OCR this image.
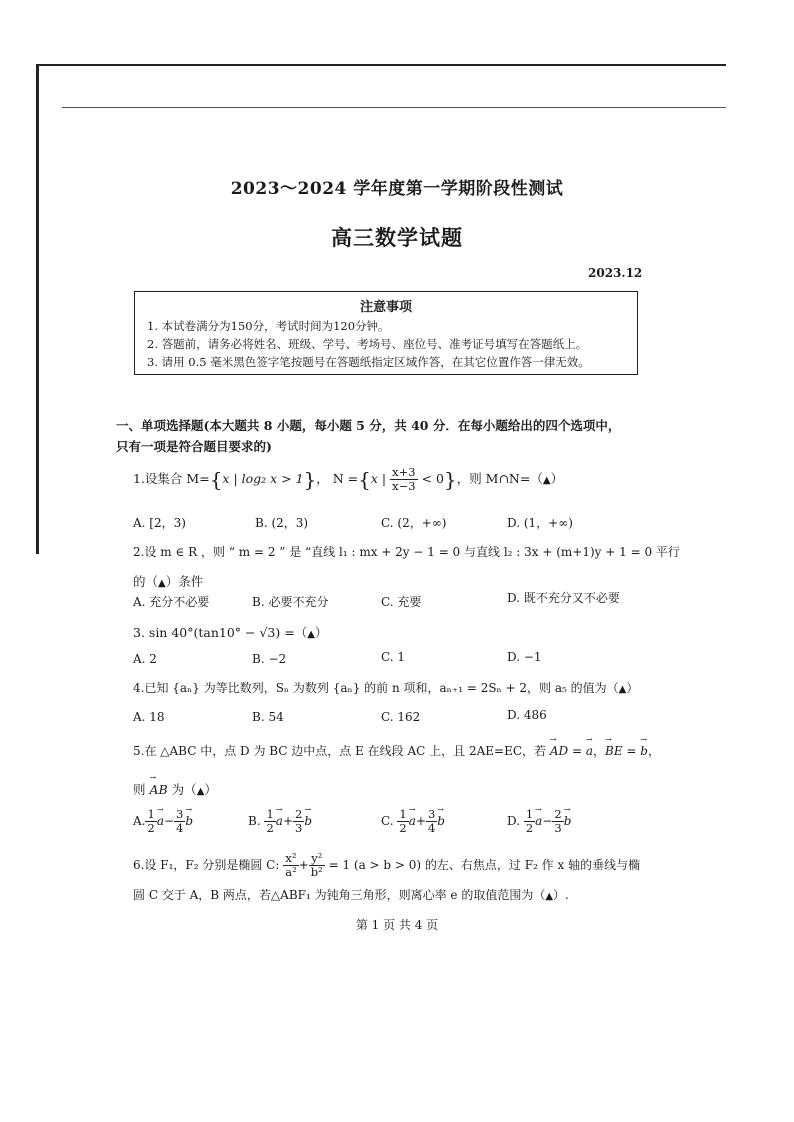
2023～2024 学年度第一学期阶段性测试
高三数学试题
2023.12
注意事项
1. 本试卷满分为150分，考试时间为120分钟。
2. 答题前，请务必将姓名、班级、学号、考场号、座位号、准考证号填写在答题纸上。
3. 请用 0.5 毫米黑色签字笔按题号在答题纸指定区域作答，在其它位置作答一律无效。
一、单项选择题(本大题共 8 小题，每小题 5 分，共 40 分．在每小题给出的四个选项中，
只有一项是符合题目要求的)
1.设集合 M={x | log₂ x > 1}， N ={x | $\frac{x+3}{x-3} < 0$}，则 M∩N=（▲）
A. [2，3)	B. (2，3)	C. (2，+∞)	D. (1，+∞)
2.设 m ∈ R ，则 “ m = 2 ” 是 “直线 l₁ : mx + 2y − 1 = 0 与直线 l₂ : 3x + (m+1)y + 1 = 0 平行
的（▲）条件
A. 充分不必要	B. 必要不充分	C. 充要	D. 既不充分又不必要
3. sin 40°(tan10° − √3) =（▲）
A. 2	B. −2	C. 1	D. −1
4.已知 {aₙ} 为等比数列，Sₙ 为数列 {aₙ} 的前 n 项和，aₙ₊₁ = 2Sₙ + 2，则 a₅ 的值为（▲）
A. 18	B. 54	C. 162	D. 486
5.在 △ABC 中，点 D 为 BC 边中点，点 E 在线段 AC 上，且 2AE=EC，若 → AD = → a，→ BE = → b，
则 → AB 为（▲）
A. $\frac{1}{2} \to a- \frac{3}{4} \to b$	B. $\frac{1}{2} \to a+ \frac{2}{3} \to b$	C. $\frac{1}{2} \to a+ \frac{3}{4} \to b$	D. $\frac{1}{2} \to a- \frac{2}{3} \to b$
6.设 F₁，F₂ 分别是椭圆 C: $\frac{\text{x²}}{\text{a²}} + \frac{\text{y²}}{\text{b²}} = 1$ (a > b > 0) 的左、右焦点，过 F₂ 作 x 轴的垂线与椭
圆 C 交于 A，B 两点，若△ABF₁ 为钝角三角形，则离心率 e 的取值范围为（▲）.
第 1 页 共 4 页
